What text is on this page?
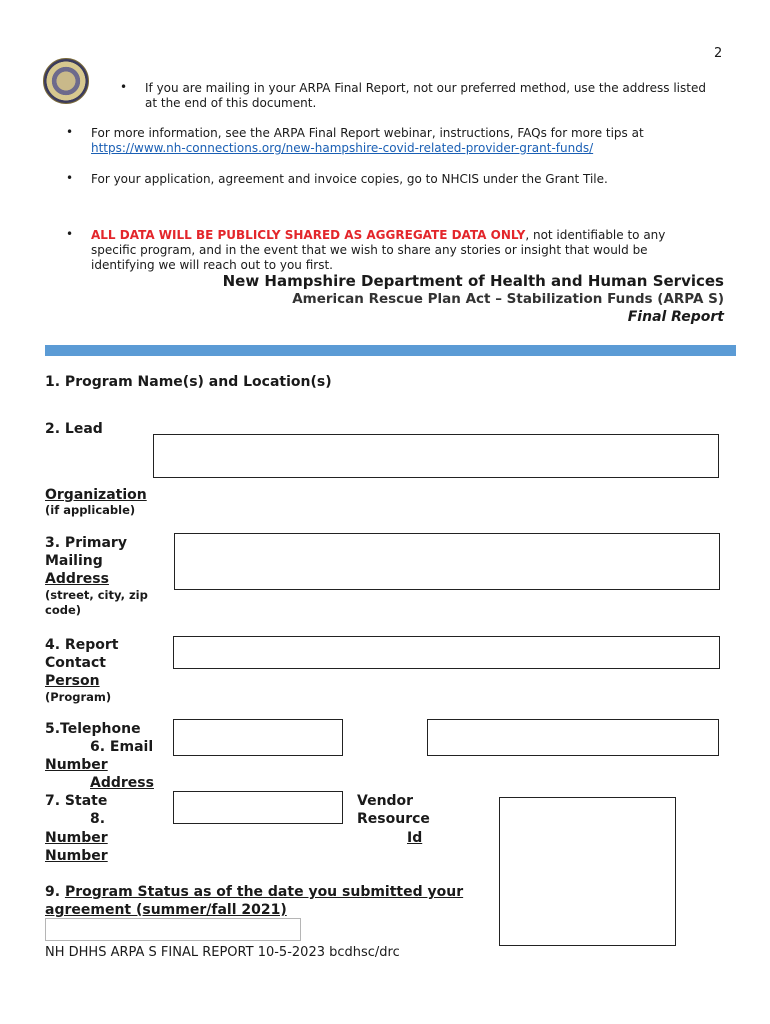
2
• If you are mailing in your ARPA Final Report, not our preferred method, use the address listed at the end of this document.
• For more information, see the ARPA Final Report webinar, instructions, FAQs for more tips at
https://www.nh-connections.org/new-hampshire-covid-related-provider-grant-funds/
• For your application, agreement and invoice copies, go to NHCIS under the Grant Tile.
• ALL DATA WILL BE PUBLICLY SHARED AS AGGREGATE DATA ONLY, not identifiable to any specific program, and in the event that we wish to share any stories or insight that would be identifying we will reach out to you first.
New Hampshire Department of Health and Human Services
American Rescue Plan Act – Stabilization Funds (ARPA S)
Final Report
1. Program Name(s) and Location(s)
2. Lead
Organization
(if applicable)
3. Primary
Mailing
Address
(street, city, zip code)
4. Report
Contact
Person
(Program)
5.Telephone
6. Email
Number
Address
7. State
8.
Number
Number
Vendor
Resource
Id
9. Program Status as of the date you submitted your agreement (summer/fall 2021)
NH DHHS ARPA S FINAL REPORT 10-5-2023 bcdhsc/drc
